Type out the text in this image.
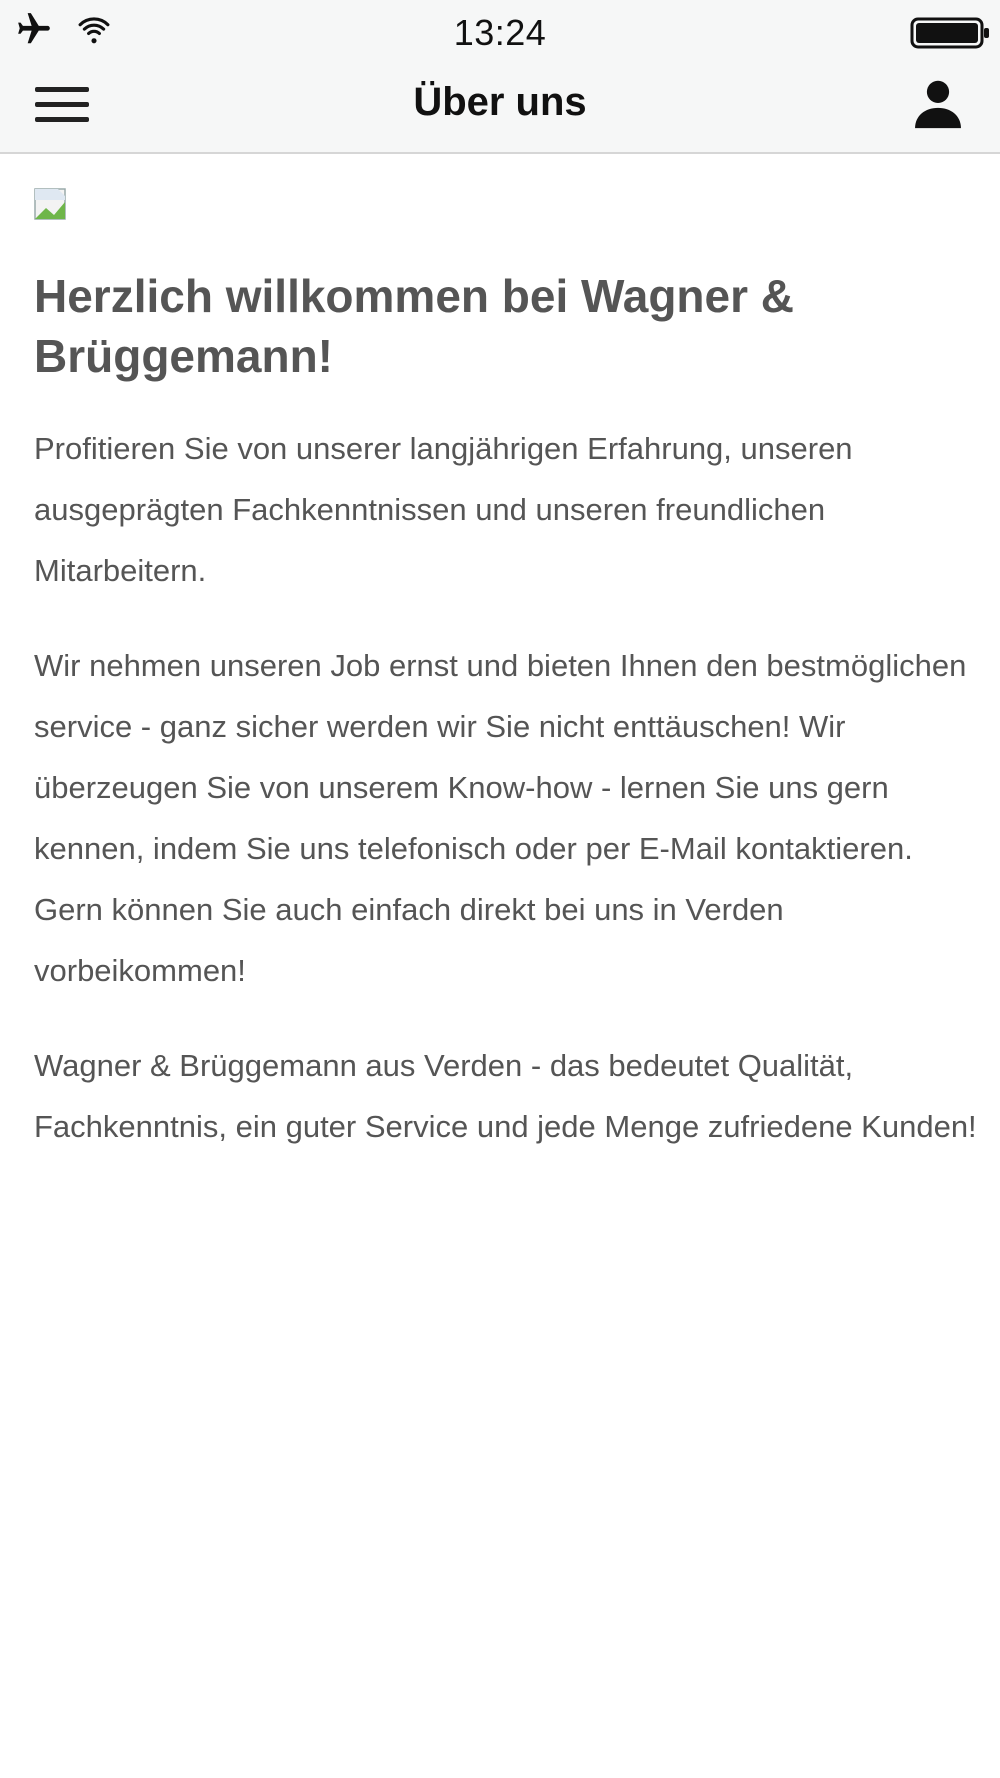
13:24
Über uns
Herzlich willkommen bei Wagner & Brüggemann!

Profitieren Sie von unserer langjährigen Erfahrung, unseren ausgeprägten Fachkenntnissen und unseren freundlichen Mitarbeitern.

Wir nehmen unseren Job ernst und bieten Ihnen den bestmöglichen service - ganz sicher werden wir Sie nicht enttäuschen! Wir überzeugen Sie von unserem Know-how - lernen Sie uns gern kennen, indem Sie uns telefonisch oder per E-Mail kontaktieren. Gern können Sie auch einfach direkt bei uns in Verden vorbeikommen!

Wagner & Brüggemann aus Verden - das bedeutet Qualität, Fachkenntnis, ein guter Service und jede Menge zufriedene Kunden!
